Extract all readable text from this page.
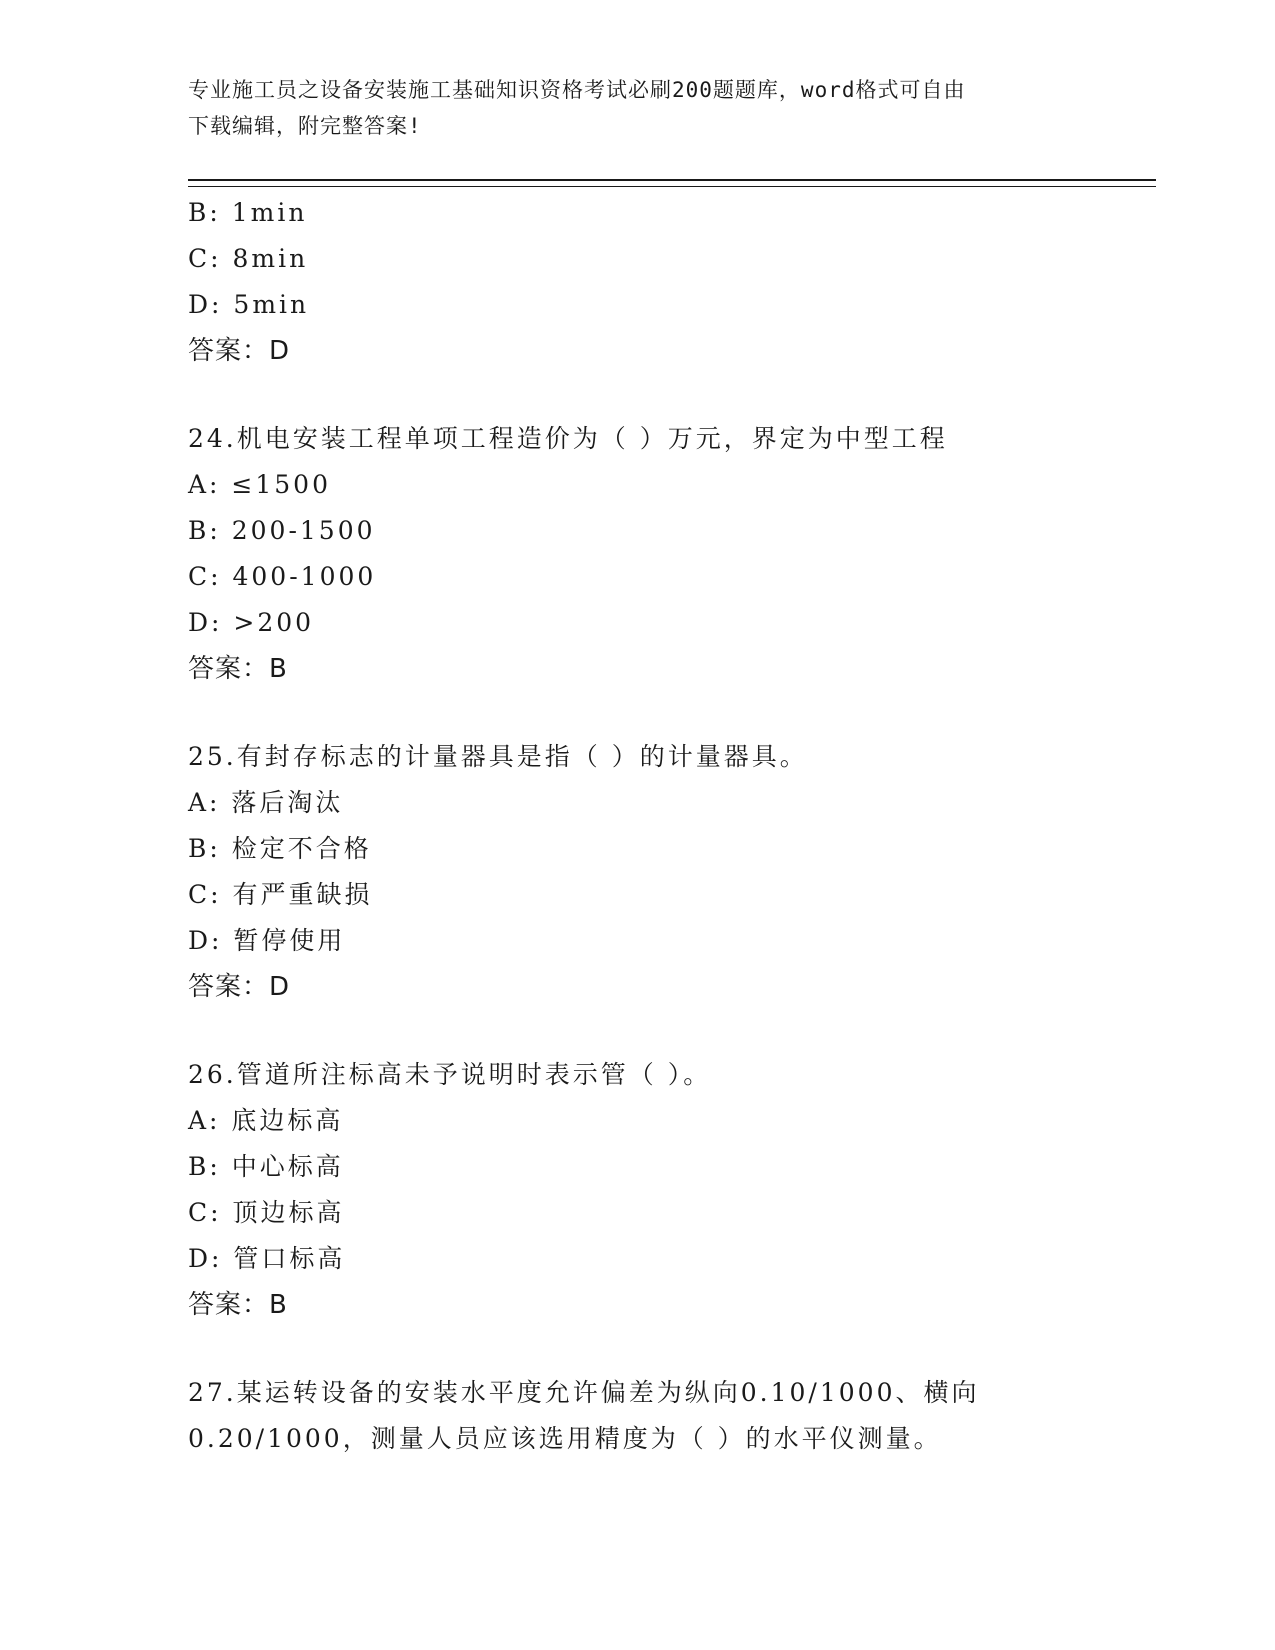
专业施工员之设备安装施工基础知识资格考试必刷200题题库，word格式可自由
下载编辑，附完整答案!
B: 1min
C: 8min
D: 5min
答案：D
24.机电安装工程单项工程造价为（ ）万元，界定为中型工程
A: ≤1500
B: 200-1500
C: 400-1000
D: >200
答案：B
25.有封存标志的计量器具是指（ ）的计量器具。
A: 落后淘汰
B: 检定不合格
C: 有严重缺损
D: 暂停使用
答案：D
26.管道所注标高未予说明时表示管（ ）。
A: 底边标高
B: 中心标高
C: 顶边标高
D: 管口标高
答案：B
27.某运转设备的安装水平度允许偏差为纵向0.10/1000、横向
0.20/1000，测量人员应该选用精度为（ ）的水平仪测量。
